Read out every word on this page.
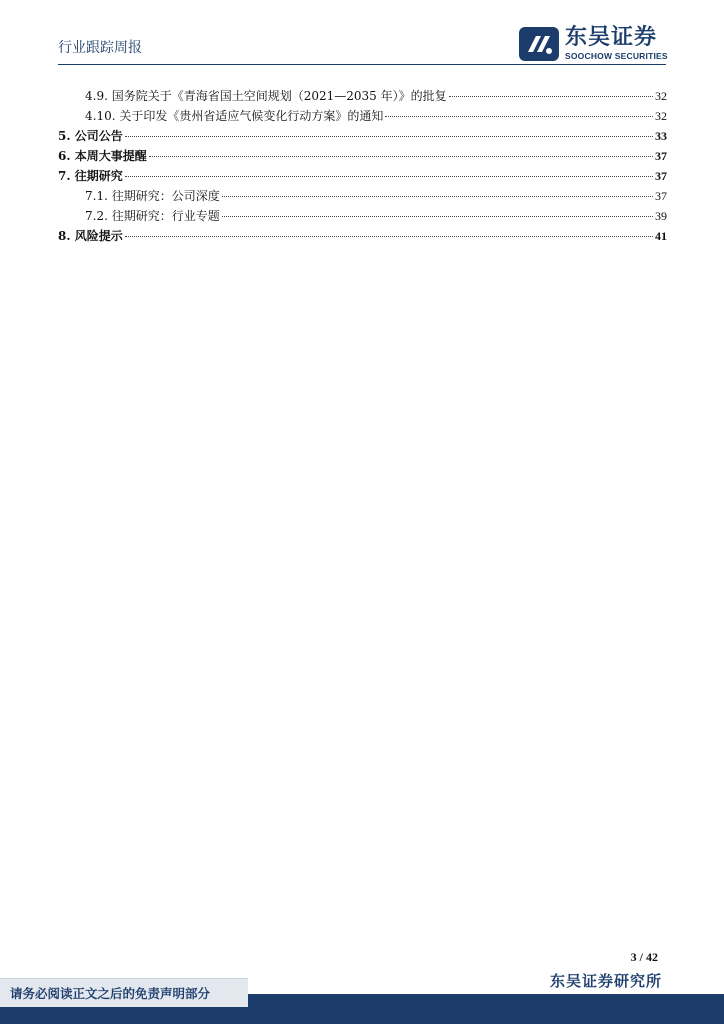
行业跟踪周报	东吴证券
SOOCHOW SECURITIES
4.9. 国务院关于《青海省国土空间规划（2021—2035 年）》的批复	32
4.10. 关于印发《贵州省适应气候变化行动方案》的通知	32
5. 公司公告	33
6. 本周大事提醒	37
7. 往期研究	37
7.1. 往期研究：公司深度	37
7.2. 往期研究：行业专题	39
8. 风险提示	41
3 / 42
东吴证券研究所
请务必阅读正文之后的免责声明部分
